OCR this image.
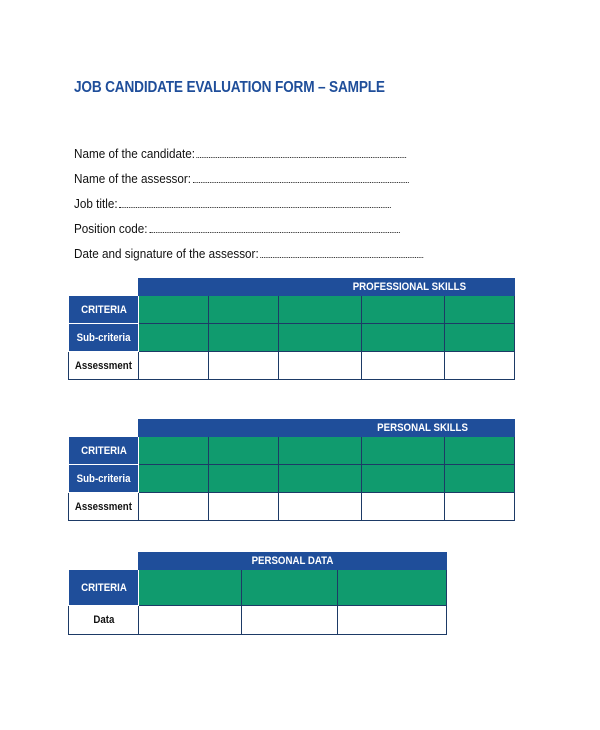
JOB CANDIDATE EVALUATION FORM – SAMPLE
Name of the candidate:
Name of the assessor:
Job title:
Position code:
Date and signature of the assessor:
	PROFESSIONAL SKILLS				
CRITERIA					
Sub-criteria					
Assessment					
	PERSONAL SKILLS				
CRITERIA					
Sub-criteria					
Assessment					
	PERSONAL DATA		
CRITERIA			
Data			
